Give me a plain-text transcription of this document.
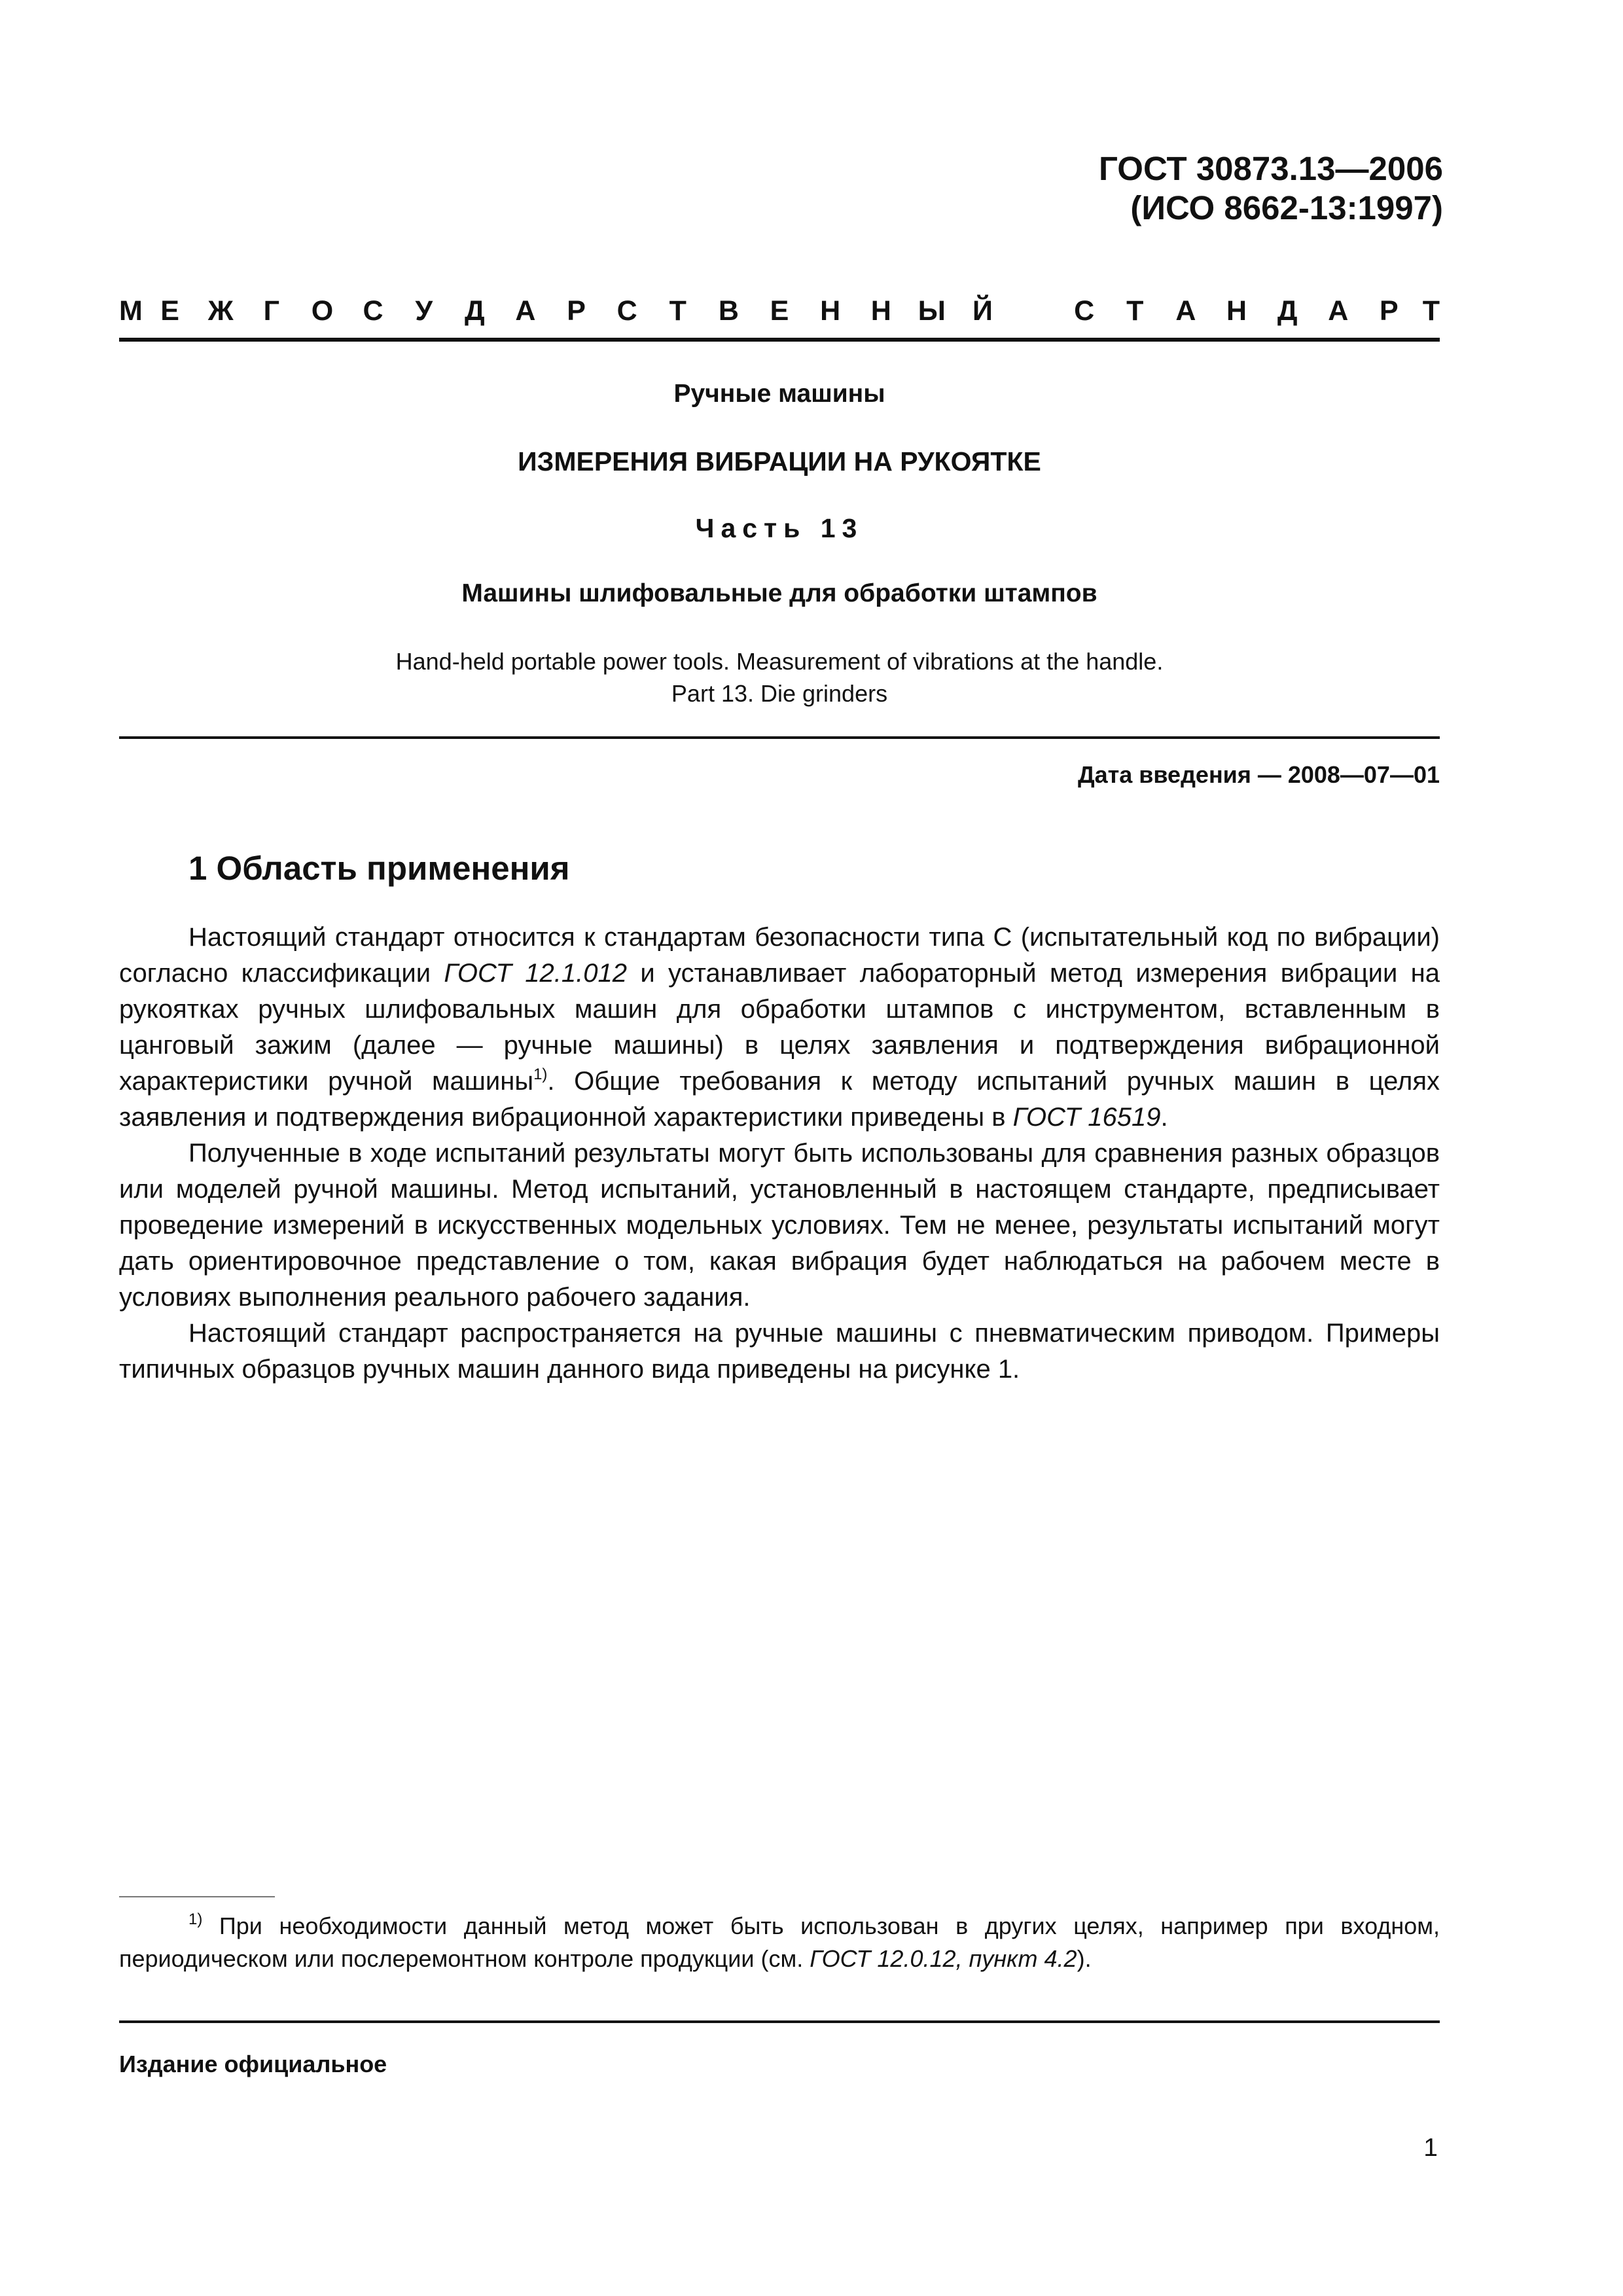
ГОСТ 30873.13—2006
(ИСО 8662-13:1997)
М Е Ж Г О С У Д А Р С Т В Е Н Н Ы Й	С Т А Н Д А Р Т
Ручные машины
ИЗМЕРЕНИЯ ВИБРАЦИИ НА РУКОЯТКЕ
Часть 13
Машины шлифовальные для обработки штампов
Hand-held portable power tools. Measurement of vibrations at the handle.
Part 13. Die grinders
Дата введения — 2008—07—01
1 Область применения

Настоящий стандарт относится к стандартам безопасности типа С (испытательный код по вибрации) согласно классификации ГОСТ 12.1.012 и устанавливает лабораторный метод измерения вибрации на рукоятках ручных шлифовальных машин для обработки штампов с инструментом, вставленным в цанговый зажим (далее — ручные машины) в целях заявления и подтверждения вибрационной характеристики ручной машины$^{1)}$. Общие требования к методу испытаний ручных машин в целях заявления и подтверждения вибрационной характеристики приведены в ГОСТ 16519.

Полученные в ходе испытаний результаты могут быть использованы для сравнения разных образцов или моделей ручной машины. Метод испытаний, установленный в настоящем стандарте, предписывает проведение измерений в искусственных модельных условиях. Тем не менее, результаты испытаний могут дать ориентировочное представление о том, какая вибрация будет наблюдаться на рабочем месте в условиях выполнения реального рабочего задания.

Настоящий стандарт распространяется на ручные машины с пневматическим приводом. Примеры типичных образцов ручных машин данного вида приведены на рисунке 1.

$^{1)}$ При необходимости данный метод может быть использован в других целях, например при входном, периодическом или послеремонтном контроле продукции (см. ГОСТ 12.0.12, пункт 4.2).

Издание официальное
1
